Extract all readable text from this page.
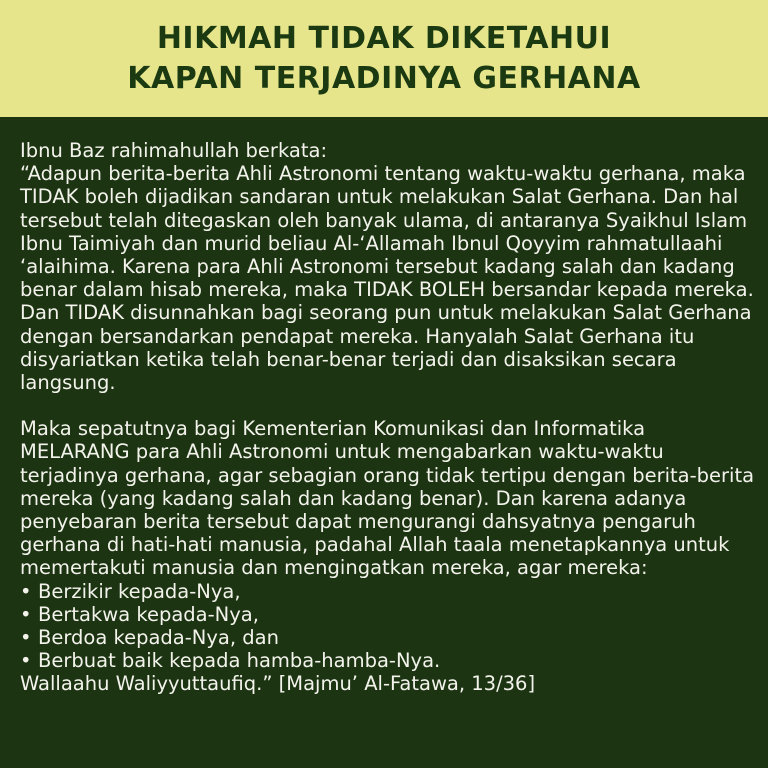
HIKMAH TIDAK DIKETAHUI
KAPAN TERJADINYA GERHANA

Ibnu Baz rahimahullah berkata:

“Adapun berita-berita Ahli Astronomi tentang waktu-waktu gerhana, maka TIDAK boleh dijadikan sandaran untuk melakukan Salat Gerhana. Dan hal tersebut telah ditegaskan oleh banyak ulama, di antaranya Syaikhul Islam Ibnu Taimiyah dan murid beliau Al-‘Allamah Ibnul Qoyyim rahmatullaahi ‘alaihima. Karena para Ahli Astronomi tersebut kadang salah dan kadang benar dalam hisab mereka, maka TIDAK BOLEH bersandar kepada mereka. Dan TIDAK disunnahkan bagi seorang pun untuk melakukan Salat Gerhana dengan bersandarkan pendapat mereka. Hanyalah Salat Gerhana itu disyariatkan ketika telah benar-benar terjadi dan disaksikan secara langsung.

Maka sepatutnya bagi Kementerian Komunikasi dan Informatika MELARANG para Ahli Astronomi untuk mengabarkan waktu-waktu terjadinya gerhana, agar sebagian orang tidak tertipu dengan berita-berita mereka (yang kadang salah dan kadang benar). Dan karena adanya penyebaran berita tersebut dapat mengurangi dahsyatnya pengaruh gerhana di hati-hati manusia, padahal Allah taala menetapkannya untuk memertakuti manusia dan mengingatkan mereka, agar mereka:

• Berzikir kepada-Nya,
• Bertakwa kepada-Nya,
• Berdoa kepada-Nya, dan
• Berbuat baik kepada hamba-hamba-Nya.

Wallaahu Waliyyuttaufiq.” [Majmu’ Al-Fatawa, 13/36]
